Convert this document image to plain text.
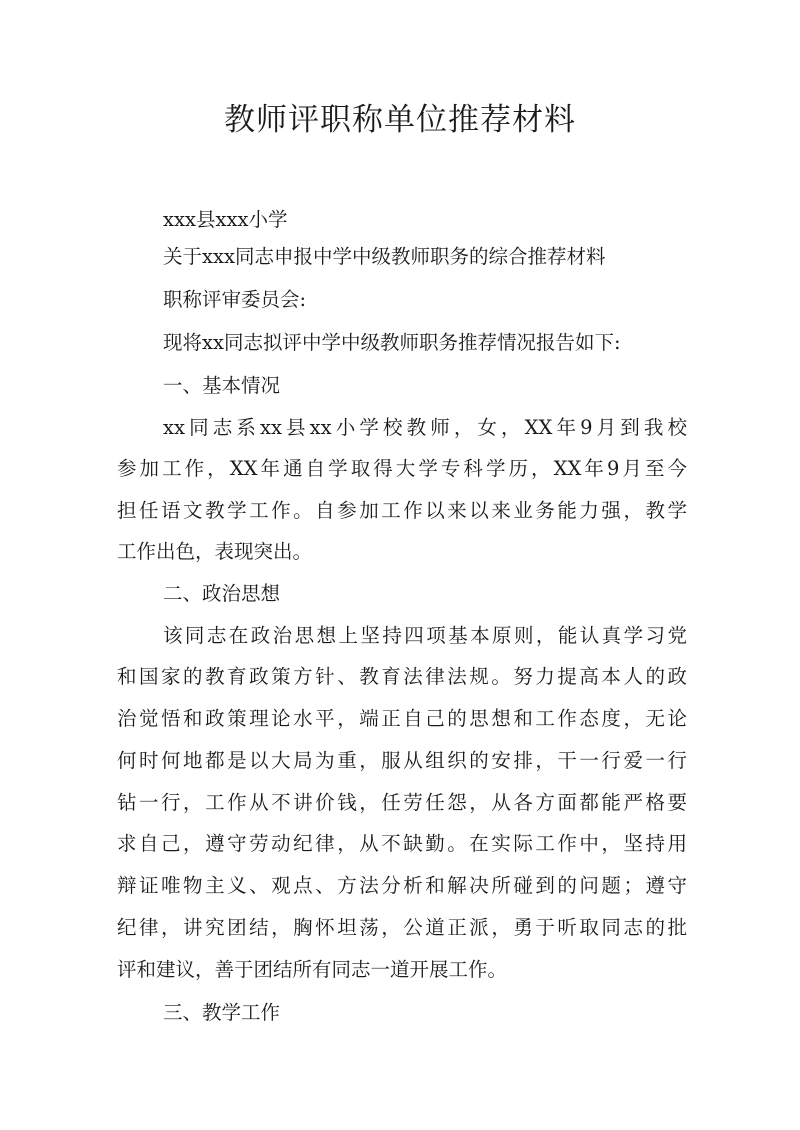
教师评职称单位推荐材料
xxx县xxx小学
关于xxx同志申报中学中级教师职务的综合推荐材料
职称评审委员会:
现将xx同志拟评中学中级教师职务推荐情况报告如下:
一、基本情况
xx同志系xx县xx小学校教师，女，XX年9月到我校
参加工作，XX年通自学取得大学专科学历，XX年9月至今
担任语文教学工作。自参加工作以来以来业务能力强，教学
工作出色，表现突出。
二、政治思想
该同志在政治思想上坚持四项基本原则，能认真学习党
和国家的教育政策方针、教育法律法规。努力提高本人的政
治觉悟和政策理论水平，端正自己的思想和工作态度，无论
何时何地都是以大局为重，服从组织的安排，干一行爱一行
钻一行，工作从不讲价钱，任劳任怨，从各方面都能严格要
求自己，遵守劳动纪律，从不缺勤。在实际工作中，坚持用
辩证唯物主义、观点、方法分析和解决所碰到的问题；遵守
纪律，讲究团结，胸怀坦荡，公道正派，勇于听取同志的批
评和建议，善于团结所有同志一道开展工作。
三、教学工作
